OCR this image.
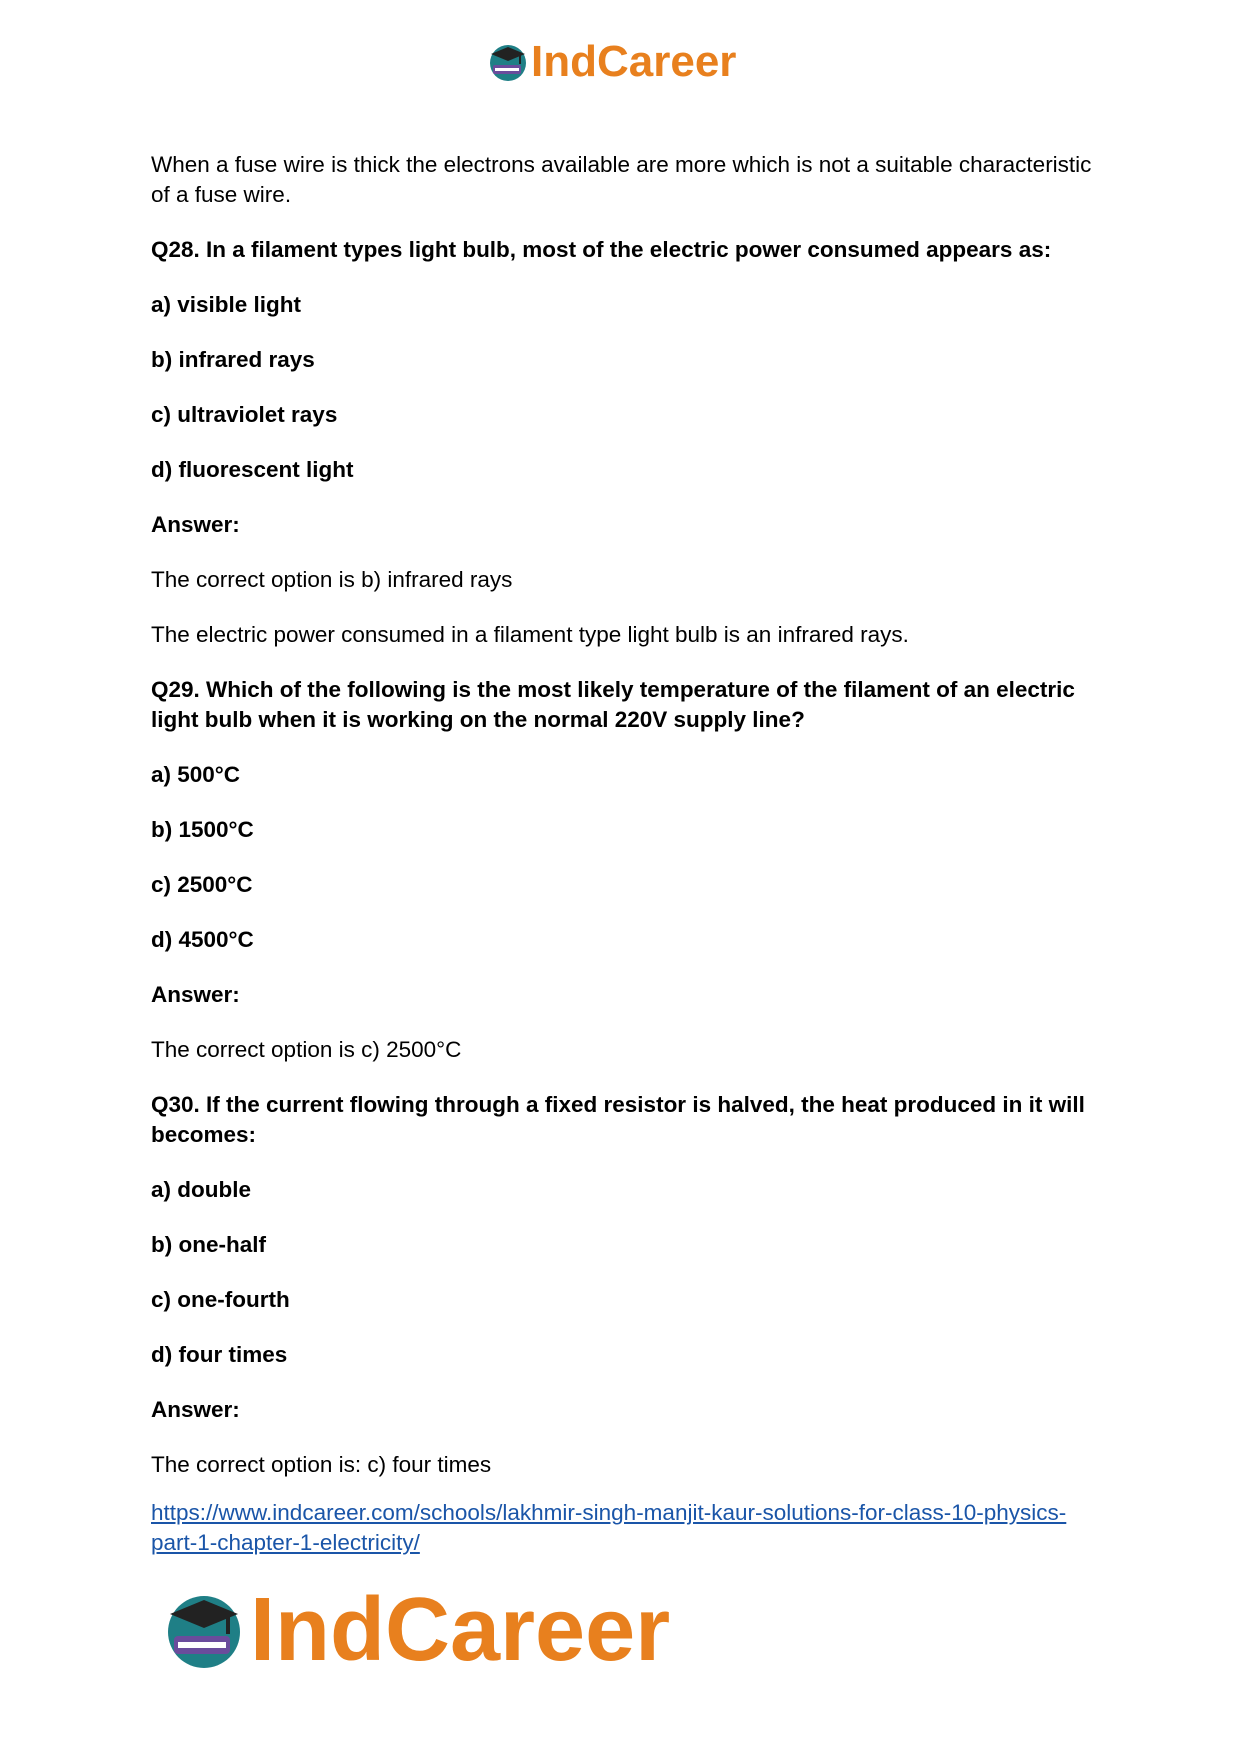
IndCareer

When a fuse wire is thick the electrons available are more which is not a suitable characteristic of a fuse wire.

Q28. In a filament types light bulb, most of the electric power consumed appears as:

a) visible light

b) infrared rays

c) ultraviolet rays

d) fluorescent light

Answer:

The correct option is b) infrared rays

The electric power consumed in a filament type light bulb is an infrared rays.

Q29. Which of the following is the most likely temperature of the filament of an electric light bulb when it is working on the normal 220V supply line?

a) 500°C

b) 1500°C

c) 2500°C

d) 4500°C

Answer:

The correct option is c) 2500°C

Q30. If the current flowing through a fixed resistor is halved, the heat produced in it will becomes:

a) double

b) one-half

c) one-fourth

d) four times

Answer:

The correct option is: c) four times

https://www.indcareer.com/schools/lakhmir-singh-manjit-kaur-solutions-for-class-10-physics-part-1-chapter-1-electricity/
IndCareer
